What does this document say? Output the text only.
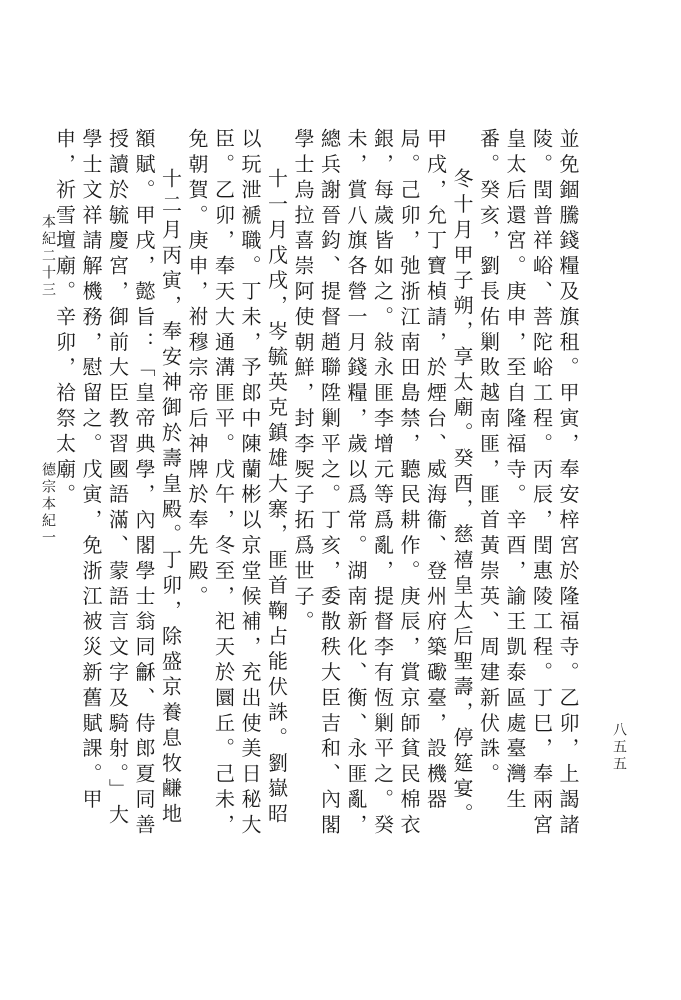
八五五

並免錮騰錢糧及旗租。甲寅，奉安梓宮於隆福寺。乙卯，上謁諸陵。閏普祥峪、菩陀峪工程。丙辰，閏惠陵工程。丁巳，奉兩宮皇太后還宮。庚申，至自隆福寺。辛酉，諭王凱泰區處臺灣生番。癸亥，劉長佑剿敗越南匪，匪首黃崇英、周建新伏誅。

冬十月甲子朔，享太廟。癸酉，慈禧皇太后聖壽，停筵宴。甲戌，允丁寶楨請，於煙台、威海衞、登州府築礮臺，設機器局。己卯，弛浙江南田島禁，聽民耕作。庚辰，賞京師貧民棉衣銀，每歲皆如之。敍永匪李增元等爲亂，提督李有恆剿平之。癸未，賞八旗各營一月錢糧，歲以爲常。湖南新化、衡、永匪亂，總兵謝晉鈞、提督趙聯陞剿平之。丁亥，委散秩大臣吉和、內閣學士烏拉喜崇阿使朝鮮，封李㷩子拓爲世子。

十一月戊戌，岑毓英克鎮雄大寨，匪首鞠占能伏誅。劉嶽昭以玩泄褫職。丁未，予郎中陳蘭彬以京堂候補，充出使美日秘大臣。乙卯，奉天大通溝匪平。戊午，冬至，祀天於圜丘。己未，免朝賀。庚申，祔穆宗帝后神牌於奉先殿。

十二月丙寅，奉安神御於壽皇殿。丁卯，除盛京養息牧鹻地額賦。甲戌，懿旨：「皇帝典學，內閣學士翁同龢、侍郎夏同善授讀於毓慶宮，御前大臣教習國語滿、蒙語言文字及騎射。」大學士文祥請解機務，慰留之。戊寅，免浙江被災新舊賦課。甲申，祈雪壇廟。辛卯，祫祭太廟。

本紀二十三
德宗本紀一
